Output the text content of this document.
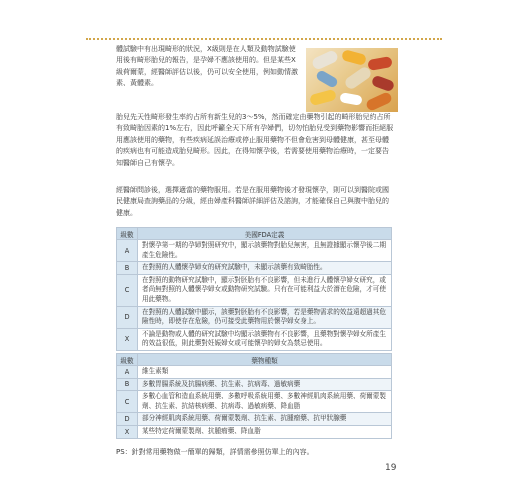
體試驗中有出現畸形的狀況，X級則是在人類及動物試驗使用後有畸形胎兒的報告，是孕婦不應該使用的。但是某些X級荷爾蒙，經醫師評估以後，仍可以安全使用，例如動情激素、黃體素。

胎兒先天性畸形發生率約占所有新生兒的3～5%，然而確定由藥物引起的畸形胎兒約占所有致畸胎因素的1%左右，因此呼籲全天下所有孕婦們，切勿怕胎兒受到藥物影響而拒絕服用應該使用的藥物，有些疾病延誤治療或停止服用藥物不但會危害到母體健康，甚至母體的疾病也有可能造成胎兒畸形。因此，在得知懷孕後，若需要使用藥物治療時，一定要告知醫師自己有懷孕。

經醫師問診後，選擇適當的藥物服用。若是在服用藥物後才發現懷孕，則可以到醫院或國民健康局查詢藥品的分級，經由婦產科醫師詳細評估及諮詢，才能確保自己與腹中胎兒的健康。

級數	美國FDA定義
A	對懷孕第一期的孕婦對照研究中，顯示該藥物對胎兒無害，且無證據顯示懷孕後二期產生危險性。
B	在對照的人體懷孕婦女的研究試驗中，未顯示該藥有致畸胎性。
C	在對照的動物研究試驗中，顯示對胚胎有不良影響，但未進行人體懷孕婦女研究，或者尚無對照的人體懷孕婦女或動物研究試驗。只有在可能利益大於潛在危險，才可使用此藥物。
D	在對照的人體試驗中顯示，該藥對胚胎有不良影響，若是藥物需求的效益遠超過其危險性時，即使存在危險，仍可接受此藥物用於懷孕婦女身上。
X	不論是動物或人體的研究試驗中均顯示該藥物有不良影響，且藥物對懷孕婦女所產生的效益很低，則此藥對妊娠婦女或可能懷孕的婦女為禁忌使用。
級數	藥物種類
A	維生素類
B	多數胃腸系統及抗腸病藥、抗生素、抗病毒、過敏病藥
C	多數心血管和造血系統用藥、多數呼吸系統用藥、多數神經肌肉系統用藥、荷爾蒙製劑、抗生素、抗結核病藥、抗病毒、過敏病藥、降血脂
D	部分神經肌肉系統用藥、荷爾蒙製劑、抗生素、抗腫瘤藥、抗甲狀腺藥
X	某些特定荷爾蒙製劑、抗腫瘤藥、降血脂

PS：針對常用藥物做一簡單的歸類，詳情需參照仿單上的內容。

19
